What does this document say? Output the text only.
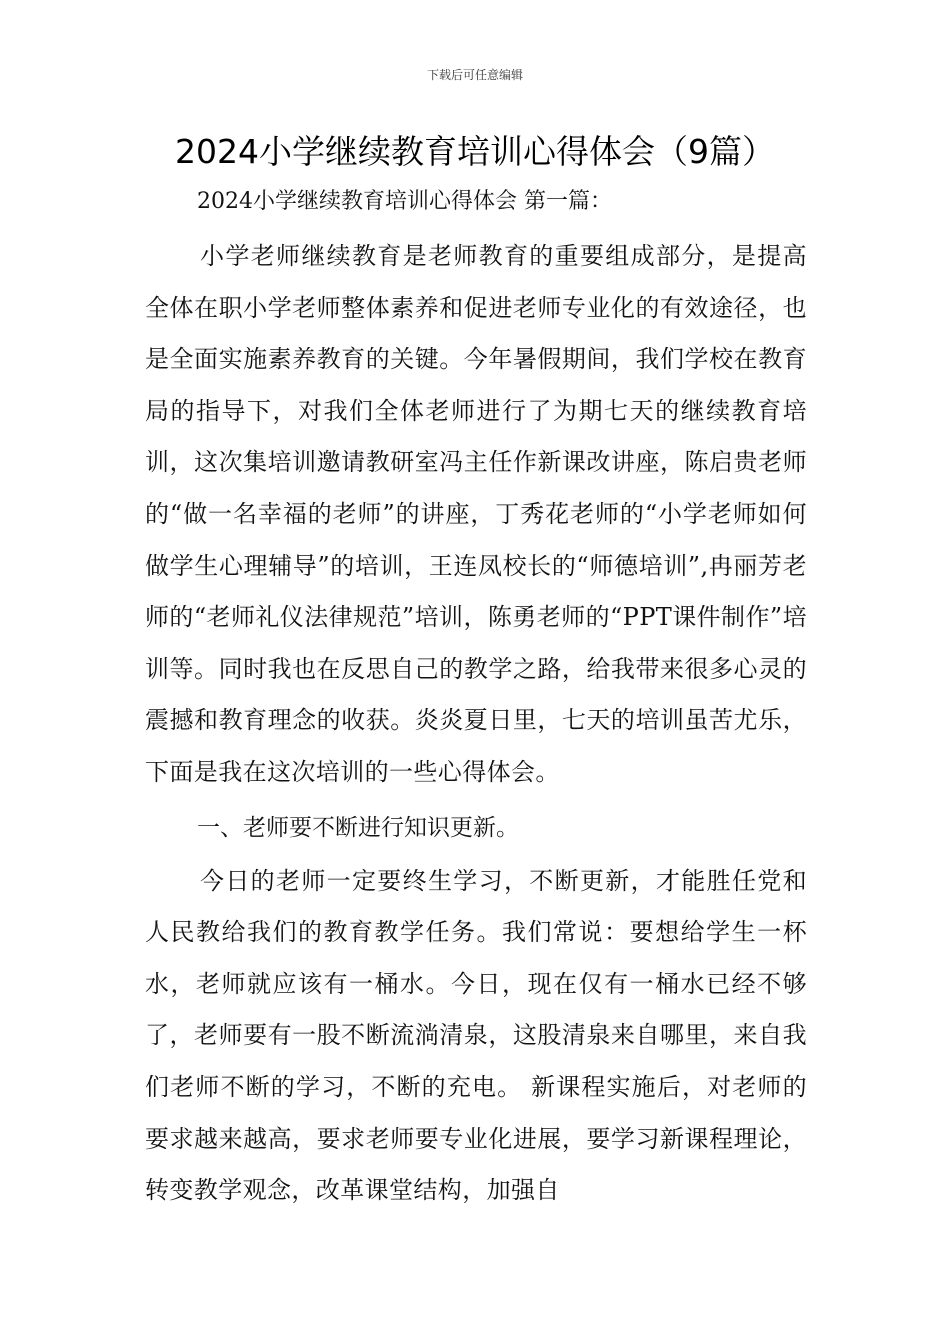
下载后可任意编辑
2024小学继续教育培训心得体会（9篇）
2024小学继续教育培训心得体会 第一篇：

小学老师继续教育是老师教育的重要组成部分，是提高全体在职小学老师整体素养和促进老师专业化的有效途径，也是全面实施素养教育的关键。今年暑假期间，我们学校在教育局的指导下，对我们全体老师进行了为期七天的继续教育培训，这次集培训邀请教研室冯主任作新课改讲座，陈启贵老师的“做一名幸福的老师”的讲座，丁秀花老师的“小学老师如何做学生心理辅导”的培训，王连凤校长的“师德培训”,冉丽芳老师的“老师礼仪法律规范”培训，陈勇老师的“PPT课件制作”培训等。同时我也在反思自己的教学之路，给我带来很多心灵的震撼和教育理念的收获。炎炎夏日里，七天的培训虽苦尤乐，下面是我在这次培训的一些心得体会。

一、老师要不断进行知识更新。

今日的老师一定要终生学习，不断更新，才能胜任党和人民教给我们的教育教学任务。我们常说：要想给学生一杯水，老师就应该有一桶水。今日，现在仅有一桶水已经不够了，老师要有一股不断流淌清泉，这股清泉来自哪里，来自我们老师不断的学习，不断的充电。 新课程实施后，对老师的要求越来越高，要求老师要专业化进展，要学习新课程理论，转变教学观念，改革课堂结构，加强自
